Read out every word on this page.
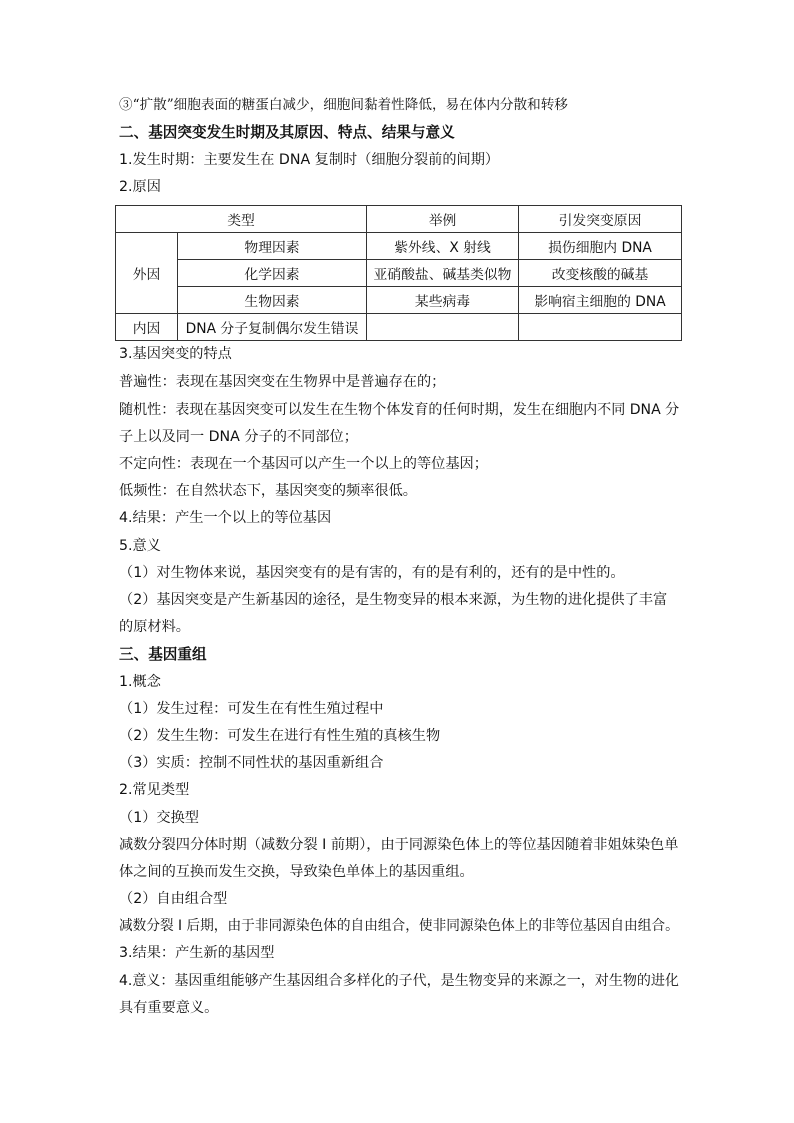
③“扩散”细胞表面的糖蛋白减少，细胞间黏着性降低，易在体内分散和转移
二、基因突变发生时期及其原因、特点、结果与意义
1.发生时期：主要发生在 DNA 复制时（细胞分裂前的间期）
2.原因
类型		举例	引发突变原因
外因	物理因素	紫外线、X 射线	损伤细胞内 DNA
	化学因素	亚硝酸盐、碱基类似物	改变核酸的碱基
	生物因素	某些病毒	影响宿主细胞的 DNA
内因	DNA 分子复制偶尔发生错误		
3.基因突变的特点
普遍性：表现在基因突变在生物界中是普遍存在的；
随机性：表现在基因突变可以发生在生物个体发育的任何时期，发生在细胞内不同 DNA 分
子上以及同一 DNA 分子的不同部位；
不定向性：表现在一个基因可以产生一个以上的等位基因；
低频性：在自然状态下，基因突变的频率很低。
4.结果：产生一个以上的等位基因
5.意义
（1）对生物体来说，基因突变有的是有害的，有的是有利的，还有的是中性的。
（2）基因突变是产生新基因的途径，是生物变异的根本来源，为生物的进化提供了丰富
的原材料。
三、基因重组
1.概念
（1）发生过程：可发生在有性生殖过程中
（2）发生生物：可发生在进行有性生殖的真核生物
（3）实质：控制不同性状的基因重新组合
2.常见类型
（1）交换型
减数分裂四分体时期（减数分裂 I 前期），由于同源染色体上的等位基因随着非姐妹染色单
体之间的互换而发生交换，导致染色单体上的基因重组。
（2）自由组合型
减数分裂 I 后期，由于非同源染色体的自由组合，使非同源染色体上的非等位基因自由组合。
3.结果：产生新的基因型
4.意义：基因重组能够产生基因组合多样化的子代，是生物变异的来源之一，对生物的进化
具有重要意义。
